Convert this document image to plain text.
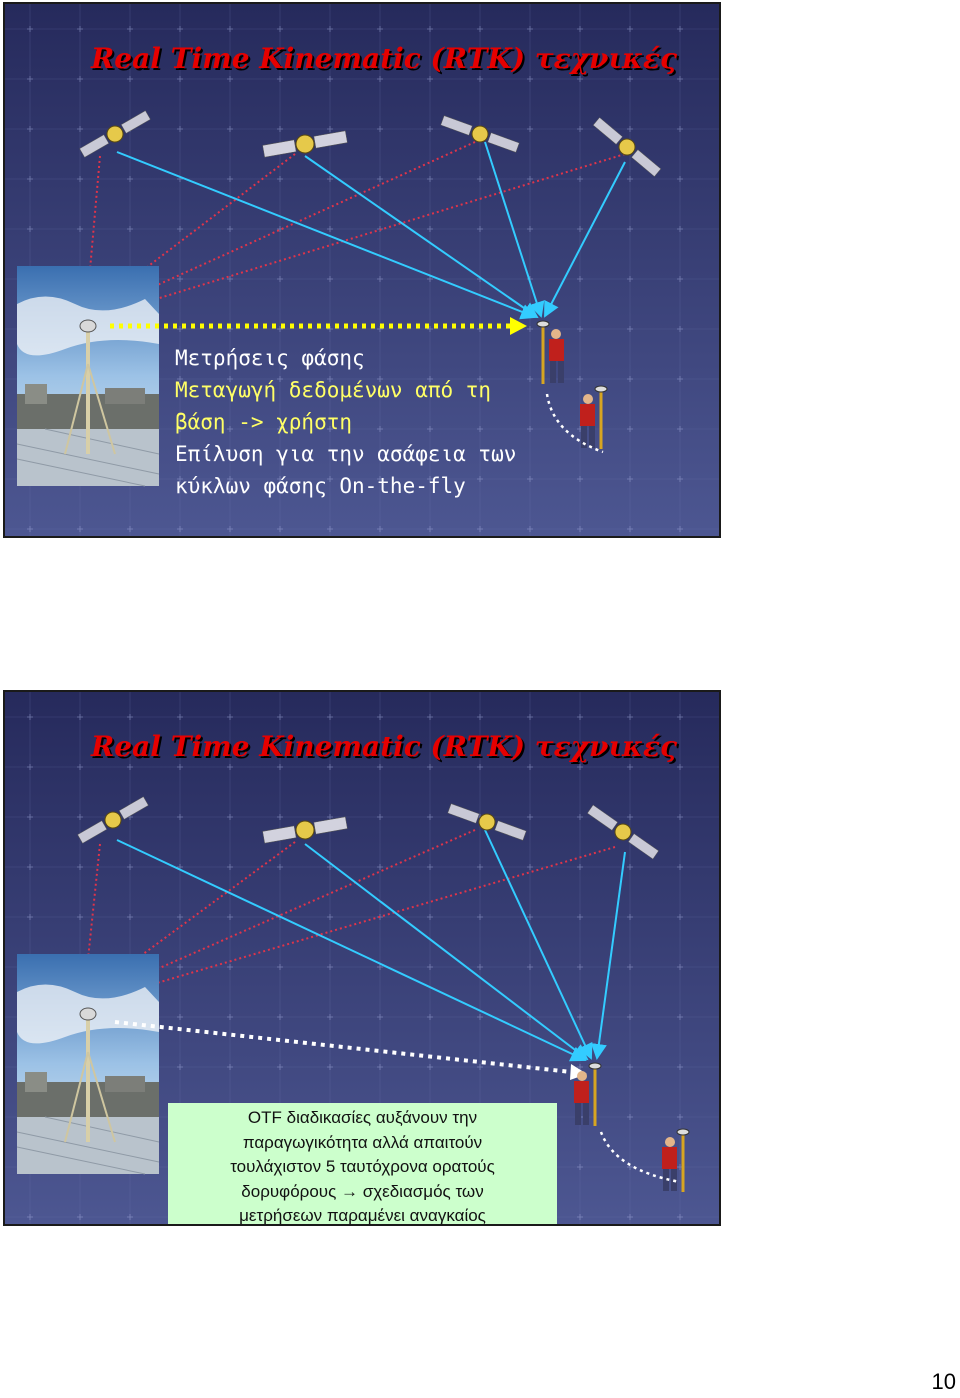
Real Time Kinematic (RTK) τεχνικές
Μετρήσεις φάσης
Μεταγωγή δεδομένων από τη
βάση -> χρήστη
Επίλυση για την ασάφεια των
κύκλων φάσης On-the-fly
Real Time Kinematic (RTK) τεχνικές
OTF διαδικασίες αυξάνουν την
παραγωγικότητα αλλά απαιτούν
τουλάχιστον 5 ταυτόχρονα ορατούς
δορυφόρους → σχεδιασμός των
μετρήσεων παραμένει αναγκαίος
10
